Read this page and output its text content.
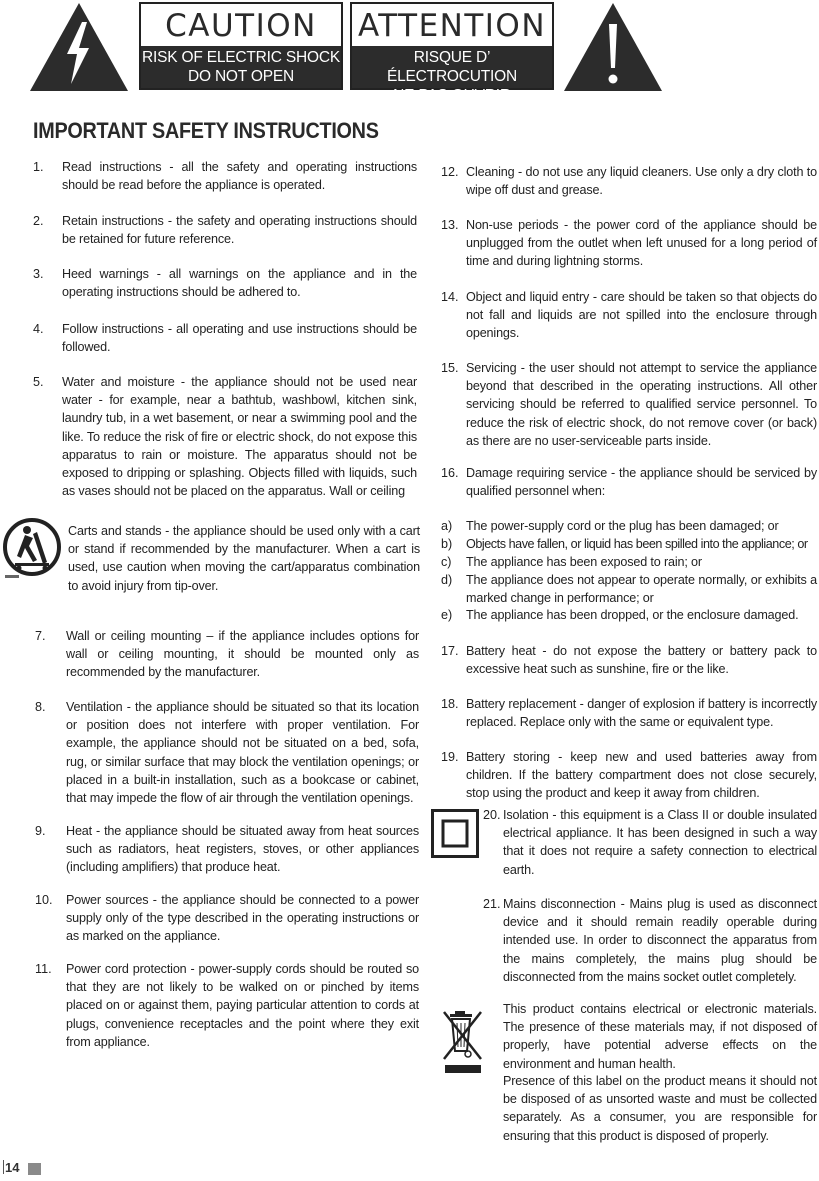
CAUTION
RISK OF ELECTRIC SHOCK
DO NOT OPEN
ATTENTION
RISQUE D’ ÉLECTROCUTION
NE PAS OUVRIR
IMPORTANT SAFETY INSTRUCTIONS
1. Read instructions - all the safety and operating instructions should be read before the appliance is operated.
2. Retain instructions - the safety and operating instructions should be retained for future reference.
3. Heed warnings - all warnings on the appliance and in the operating instructions should be adhered to.
4. Follow instructions - all operating and use instructions should be followed.
5. Water and moisture - the appliance should not be used near water - for example, near a bathtub, washbowl, kitchen sink, laundry tub, in a wet basement, or near a swimming pool and the like. To reduce the risk of fire or electric shock, do not expose this apparatus to rain or moisture. The apparatus should not be exposed to dripping or splashing. Objects filled with liquids, such as vases should not be placed on the apparatus. Wall or ceiling
Carts and stands - the appliance should be used only with a cart or stand if recommended by the manufacturer. When a cart is used, use caution when moving the cart/apparatus combination to avoid injury from tip-over.
7. Wall or ceiling mounting – if the appliance includes options for wall or ceiling mounting, it should be mounted only as recommended by the manufacturer.
8. Ventilation - the appliance should be situated so that its location or position does not interfere with proper ventilation. For example, the appliance should not be situated on a bed, sofa, rug, or similar surface that may block the ventilation openings; or placed in a built-in installation, such as a bookcase or cabinet, that may impede the flow of air through the ventilation openings.
9. Heat - the appliance should be situated away from heat sources such as radiators, heat registers, stoves, or other appliances (including amplifiers) that produce heat.
10. Power sources - the appliance should be connected to a power supply only of the type described in the operating instructions or as marked on the appliance.
11. Power cord protection - power-supply cords should be routed so that they are not likely to be walked on or pinched by items placed on or against them, paying particular attention to cords at plugs, convenience receptacles and the point where they exit from appliance.
12. Cleaning - do not use any liquid cleaners. Use only a dry cloth to wipe off dust and grease.
13. Non-use periods - the power cord of the appliance should be unplugged from the outlet when left unused for a long period of time and during lightning storms.
14. Object and liquid entry - care should be taken so that objects do not fall and liquids are not spilled into the enclosure through openings.
15. Servicing - the user should not attempt to service the appliance beyond that described in the operating instructions. All other servicing should be referred to qualified service personnel. To reduce the risk of electric shock, do not remove cover (or back) as there are no user-serviceable parts inside.
16. Damage requiring service - the appliance should be serviced by qualified personnel when:
a) The power-supply cord or the plug has been damaged; or
b) Objects have fallen, or liquid has been spilled into the appliance; or
c) The appliance has been exposed to rain; or
d) The appliance does not appear to operate normally, or exhibits a marked change in performance; or
e) The appliance has been dropped, or the enclosure damaged.
17. Battery heat - do not expose the battery or battery pack to excessive heat such as sunshine, fire or the like.
18. Battery replacement - danger of explosion if battery is incorrectly replaced. Replace only with the same or equivalent type.
19. Battery storing - keep new and used batteries away from children. If the battery compartment does not close securely, stop using the product and keep it away from children.
20. Isolation - this equipment is a Class II or double insulated electrical appliance. It has been designed in such a way that it does not require a safety connection to electrical earth.
21. Mains disconnection - Mains plug is used as disconnect device and it should remain readily operable during intended use. In order to disconnect the apparatus from the mains completely, the mains plug should be disconnected from the mains socket outlet completely.
This product contains electrical or electronic materials. The presence of these materials may, if not disposed of properly, have potential adverse effects on the environment and human health.
Presence of this label on the product means it should not be disposed of as unsorted waste and must be collected separately. As a consumer, you are responsible for ensuring that this product is disposed of properly.
14
